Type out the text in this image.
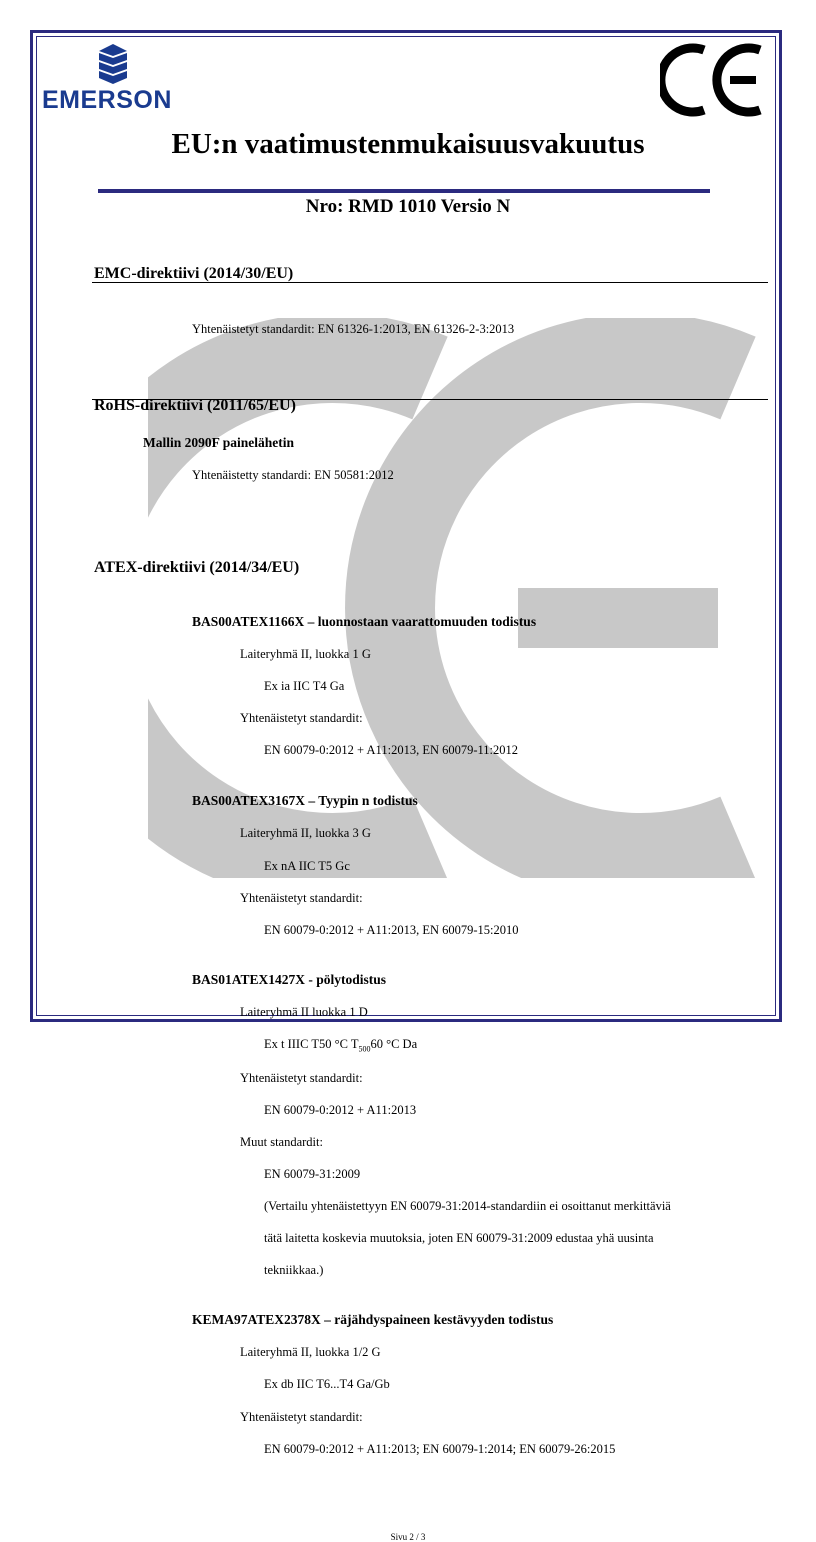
EMERSON
EU:n vaatimustenmukaisuusvakuutus
Nro: RMD 1010 Versio N
EMC-direktiivi (2014/30/EU)
Yhtenäistetyt standardit: EN 61326-1:2013, EN 61326-2-3:2013
RoHS-direktiivi (2011/65/EU)
Mallin 2090F painelähetin
Yhtenäistetty standardi: EN 50581:2012
ATEX-direktiivi (2014/34/EU)
BAS00ATEX1166X – luonnostaan vaarattomuuden todistus
Laiteryhmä II, luokka 1 G
Ex ia IIC T4 Ga
Yhtenäistetyt standardit:
EN 60079-0:2012 + A11:2013, EN 60079-11:2012
BAS00ATEX3167X – Tyypin n todistus
Laiteryhmä II, luokka 3 G
Ex nA IIC T5 Gc
Yhtenäistetyt standardit:
EN 60079-0:2012 + A11:2013, EN 60079-15:2010
BAS01ATEX1427X - pölytodistus
Laiteryhmä II luokka 1 D
Ex t IIIC T50 °C $T_{500}60$ °C Da
Yhtenäistetyt standardit:
EN 60079-0:2012 + A11:2013
Muut standardit:
EN 60079-31:2009
(Vertailu yhtenäistettyyn EN 60079-31:2014-standardiin ei osoittanut merkittäviä
tätä laitetta koskevia muutoksia, joten EN 60079-31:2009 edustaa yhä uusinta
tekniikkaa.)
KEMA97ATEX2378X – räjähdyspaineen kestävyyden todistus
Laiteryhmä II, luokka 1/2 G
Ex db IIC T6...T4 Ga/Gb
Yhtenäistetyt standardit:
EN 60079-0:2012 + A11:2013; EN 60079-1:2014; EN 60079-26:2015
Sivu 2 / 3
